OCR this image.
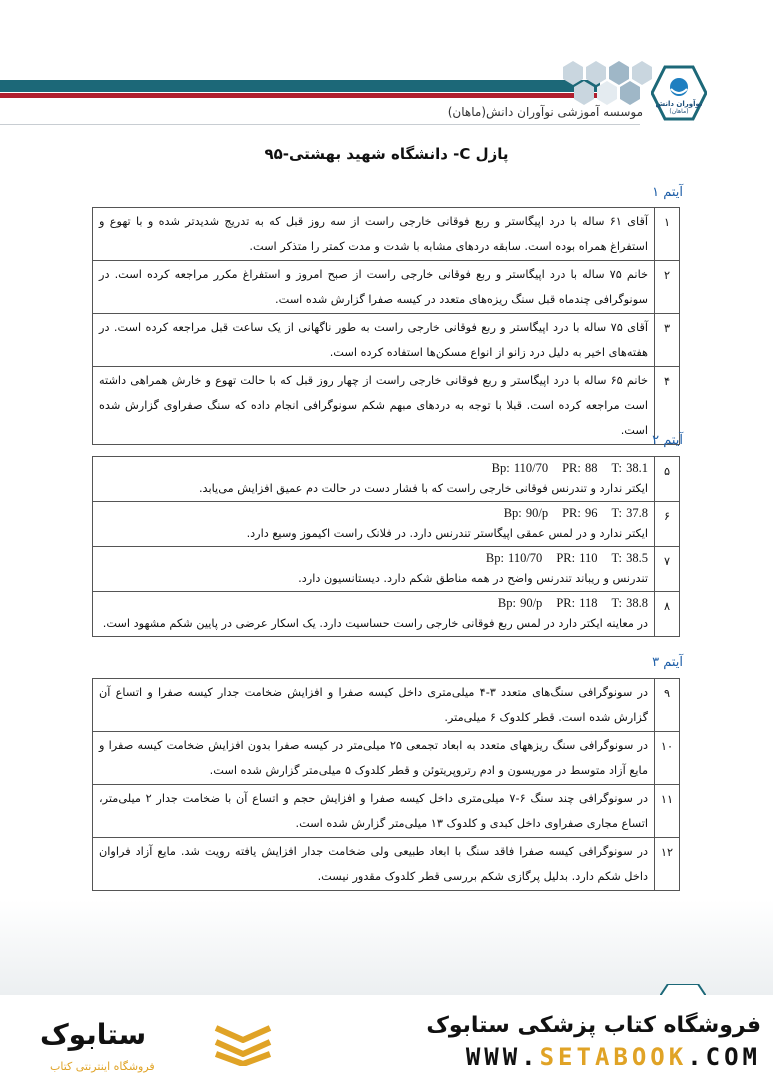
نوآوران دانش
(ماهان)
موسسه آموزشی نوآوران دانش(ماهان)
پازل C- دانشگاه شهید بهشتی-۹۵
آیتم ۱
۱	آقای ۶۱ ساله با درد اپیگاستر و ربع فوقانی خارجی راست از سه روز قبل که به تدریج شدیدتر شده و با تهوع و استفراغ همراه بوده است. سابقه دردهای مشابه با شدت و مدت کمتر را متذکر است.
۲	خانم ۷۵ ساله با درد اپیگاستر و ربع فوقانی خارجی راست از صبح امروز و استفراغ مکرر مراجعه کرده است. در سونوگرافی چندماه قبل سنگ ریزه‌های متعدد در کیسه صفرا گزارش شده است.
۳	آقای ۷۵ ساله با درد اپیگاستر و ربع فوقانی خارجی راست به طور ناگهانی از یک ساعت قبل مراجعه کرده است. در هفته‌های اخیر به دلیل درد زانو از انواع مسکن‌ها استفاده کرده است.
۴	خانم ۶۵ ساله با درد اپیگاستر و ربع فوقانی خارجی راست از چهار روز قبل که با حالت تهوع و خارش همراهی داشته است مراجعه کرده است. قبلا با توجه به دردهای مبهم شکم سونوگرافی انجام داده که سنگ صفراوی گزارش شده است.
آیتم ۲
۵	Bp: 110/70 PR: 88 T: 38.1
ایکتر ندارد و تندرنس فوقانی خارجی راست که با فشار دست در حالت دم عمیق افزایش می‌یابد.

۶	Bp: 90/p PR: 96 T: 37.8
ایکتر ندارد و در لمس عمقی اپیگاستر تندرنس دارد. در فلانک راست اکیموز وسیع دارد.

۷	Bp: 110/70 PR: 110 T: 38.5
تندرنس و ریباند تندرنس واضح در همه مناطق شکم دارد. دیستانسیون دارد.

۸	Bp: 90/p PR: 118 T: 38.8
در معاینه ایکتر دارد در لمس ربع فوقانی خارجی راست حساسیت دارد. یک اسکار عرضی در پایین شکم مشهود است.
آیتم ۳
۹	در سونوگرافی سنگ‌های متعدد ۳-۴ میلی‌متری داخل کیسه صفرا و افزایش ضخامت جدار کیسه صفرا و اتساع آن گزارش شده است. قطر کلدوک ۶ میلی‌متر.
۱۰	در سونوگرافی سنگ ریزههای متعدد به ابعاد تجمعی ۲۵ میلی‌متر در کیسه صفرا بدون افزایش ضخامت کیسه صفرا و مایع آزاد متوسط در موریسون و ادم رتروپریتوئن و قطر کلدوک ۵ میلی‌متر گزارش شده است.
۱۱	در سونوگرافی چند سنگ ۶-۷ میلی‌متری داخل کیسه صفرا و افزایش حجم و اتساع آن با ضخامت جدار ۲ میلی‌متر، اتساع مجاری صفراوی داخل کبدی و کلدوک ۱۳ میلی‌متر گزارش شده است.
۱۲	در سونوگرافی کیسه صفرا فاقد سنگ با ابعاد طبیعی ولی ضخامت جدار افزایش یافته رویت شد. مایع آزاد فراوان داخل شکم دارد. بدلیل پرگازی شکم بررسی قطر کلدوک مقدور نیست.
فروشگاه کتاب پزشکی ستابوک
WWW.SETABOOK.COM
ستابوک
فروشگاه اینترنتی کتاب
